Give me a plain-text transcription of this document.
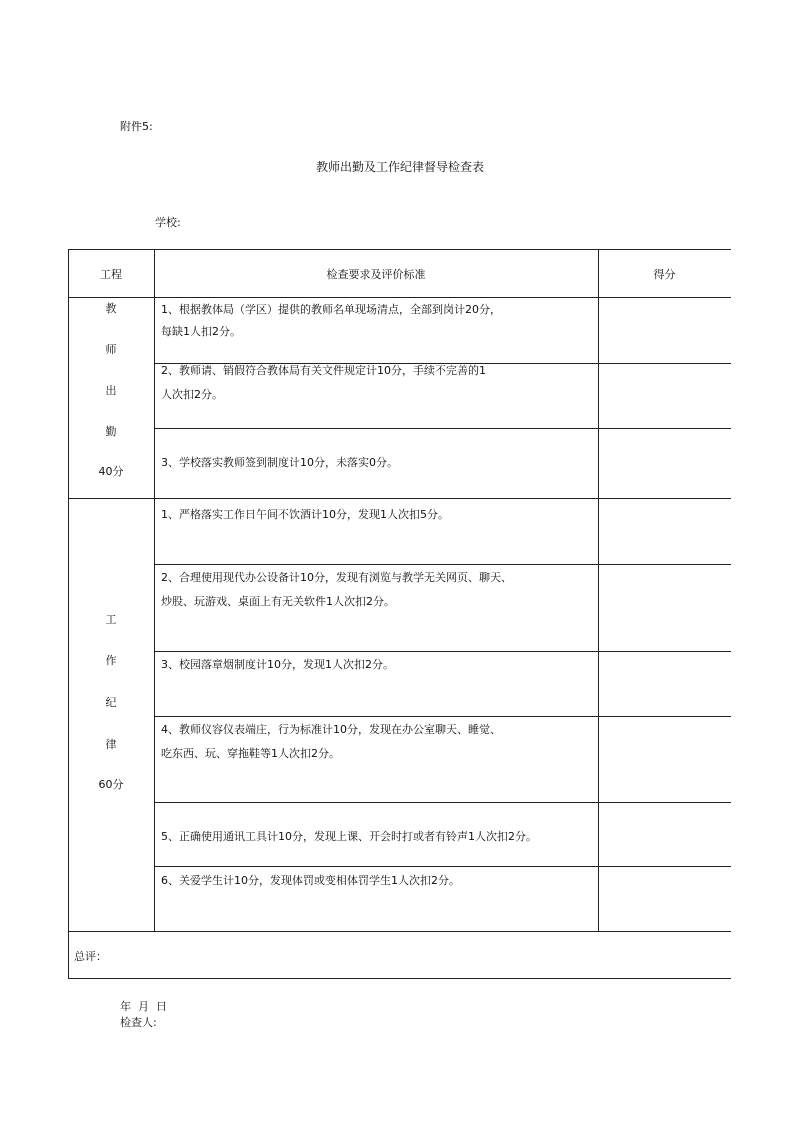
附件5:
教师出勤及工作纪律督导检查表
学校:
工程	检查要求及评价标准	得分
教
师
出
勤
40分
1、根据教体局（学区）提供的教师名单现场清点，全部到岗计20分，
每缺1人扣2分。
2、教师请、销假符合教体局有关文件规定计10分，手续不完善的1
人次扣2分。
3、学校落实教师签到制度计10分，未落实0分。
工
作
纪
律
60分
1、严格落实工作日午间不饮酒计10分，发现1人次扣5分。
2、合理使用现代办公设备计10分，发现有浏览与教学无关网页、聊天、
炒股、玩游戏、桌面上有无关软件1人次扣2分。
3、校园落章烟制度计10分，发现1人次扣2分。
4、教师仪容仪表端庄，行为标准计10分，发现在办公室聊天、睡觉、
吃东西、玩、穿拖鞋等1人次扣2分。
5、正确使用通讯工具计10分，发现上课、开会时打或者有铃声1人次扣2分。
6、关爱学生计10分，发现体罚或变相体罚学生1人次扣2分。
总评：
年  月  日
检查人:
